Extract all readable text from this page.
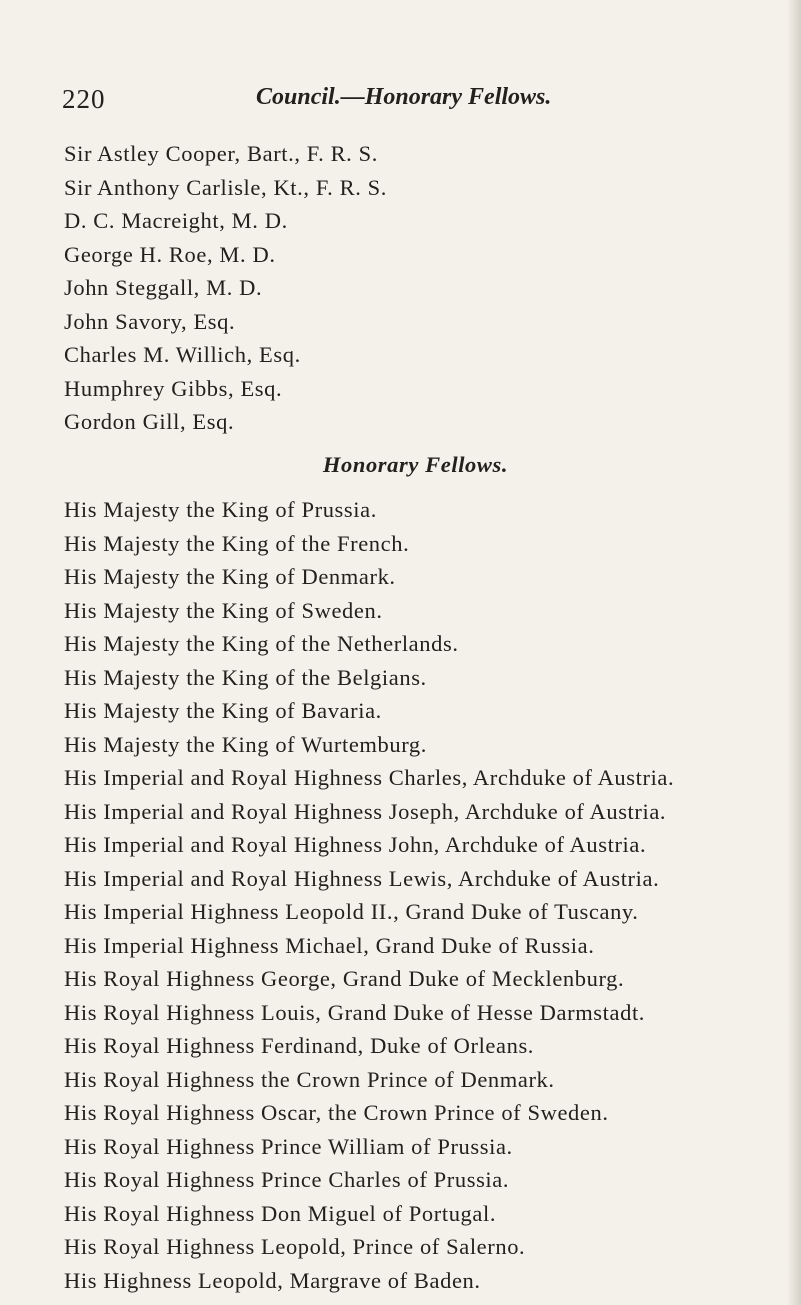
220	Council.—Honorary Fellows.
Sir Astley Cooper, Bart., F. R. S.
Sir Anthony Carlisle, Kt., F. R. S.
D. C. Macreight, M. D.
George H. Roe, M. D.
John Steggall, M. D.
John Savory, Esq.
Charles M. Willich, Esq.
Humphrey Gibbs, Esq.
Gordon Gill, Esq.
Honorary Fellows.
His Majesty the King of Prussia.
His Majesty the King of the French.
His Majesty the King of Denmark.
His Majesty the King of Sweden.
His Majesty the King of the Netherlands.
His Majesty the King of the Belgians.
His Majesty the King of Bavaria.
His Majesty the King of Wurtemburg.
His Imperial and Royal Highness Charles, Archduke of Austria.
His Imperial and Royal Highness Joseph, Archduke of Austria.
His Imperial and Royal Highness John, Archduke of Austria.
His Imperial and Royal Highness Lewis, Archduke of Austria.
His Imperial Highness Leopold II., Grand Duke of Tuscany.
His Imperial Highness Michael, Grand Duke of Russia.
His Royal Highness George, Grand Duke of Mecklenburg.
His Royal Highness Louis, Grand Duke of Hesse Darmstadt.
His Royal Highness Ferdinand, Duke of Orleans.
His Royal Highness the Crown Prince of Denmark.
His Royal Highness Oscar, the Crown Prince of Sweden.
His Royal Highness Prince William of Prussia.
His Royal Highness Prince Charles of Prussia.
His Royal Highness Don Miguel of Portugal.
His Royal Highness Leopold, Prince of Salerno.
His Highness Leopold, Margrave of Baden.
